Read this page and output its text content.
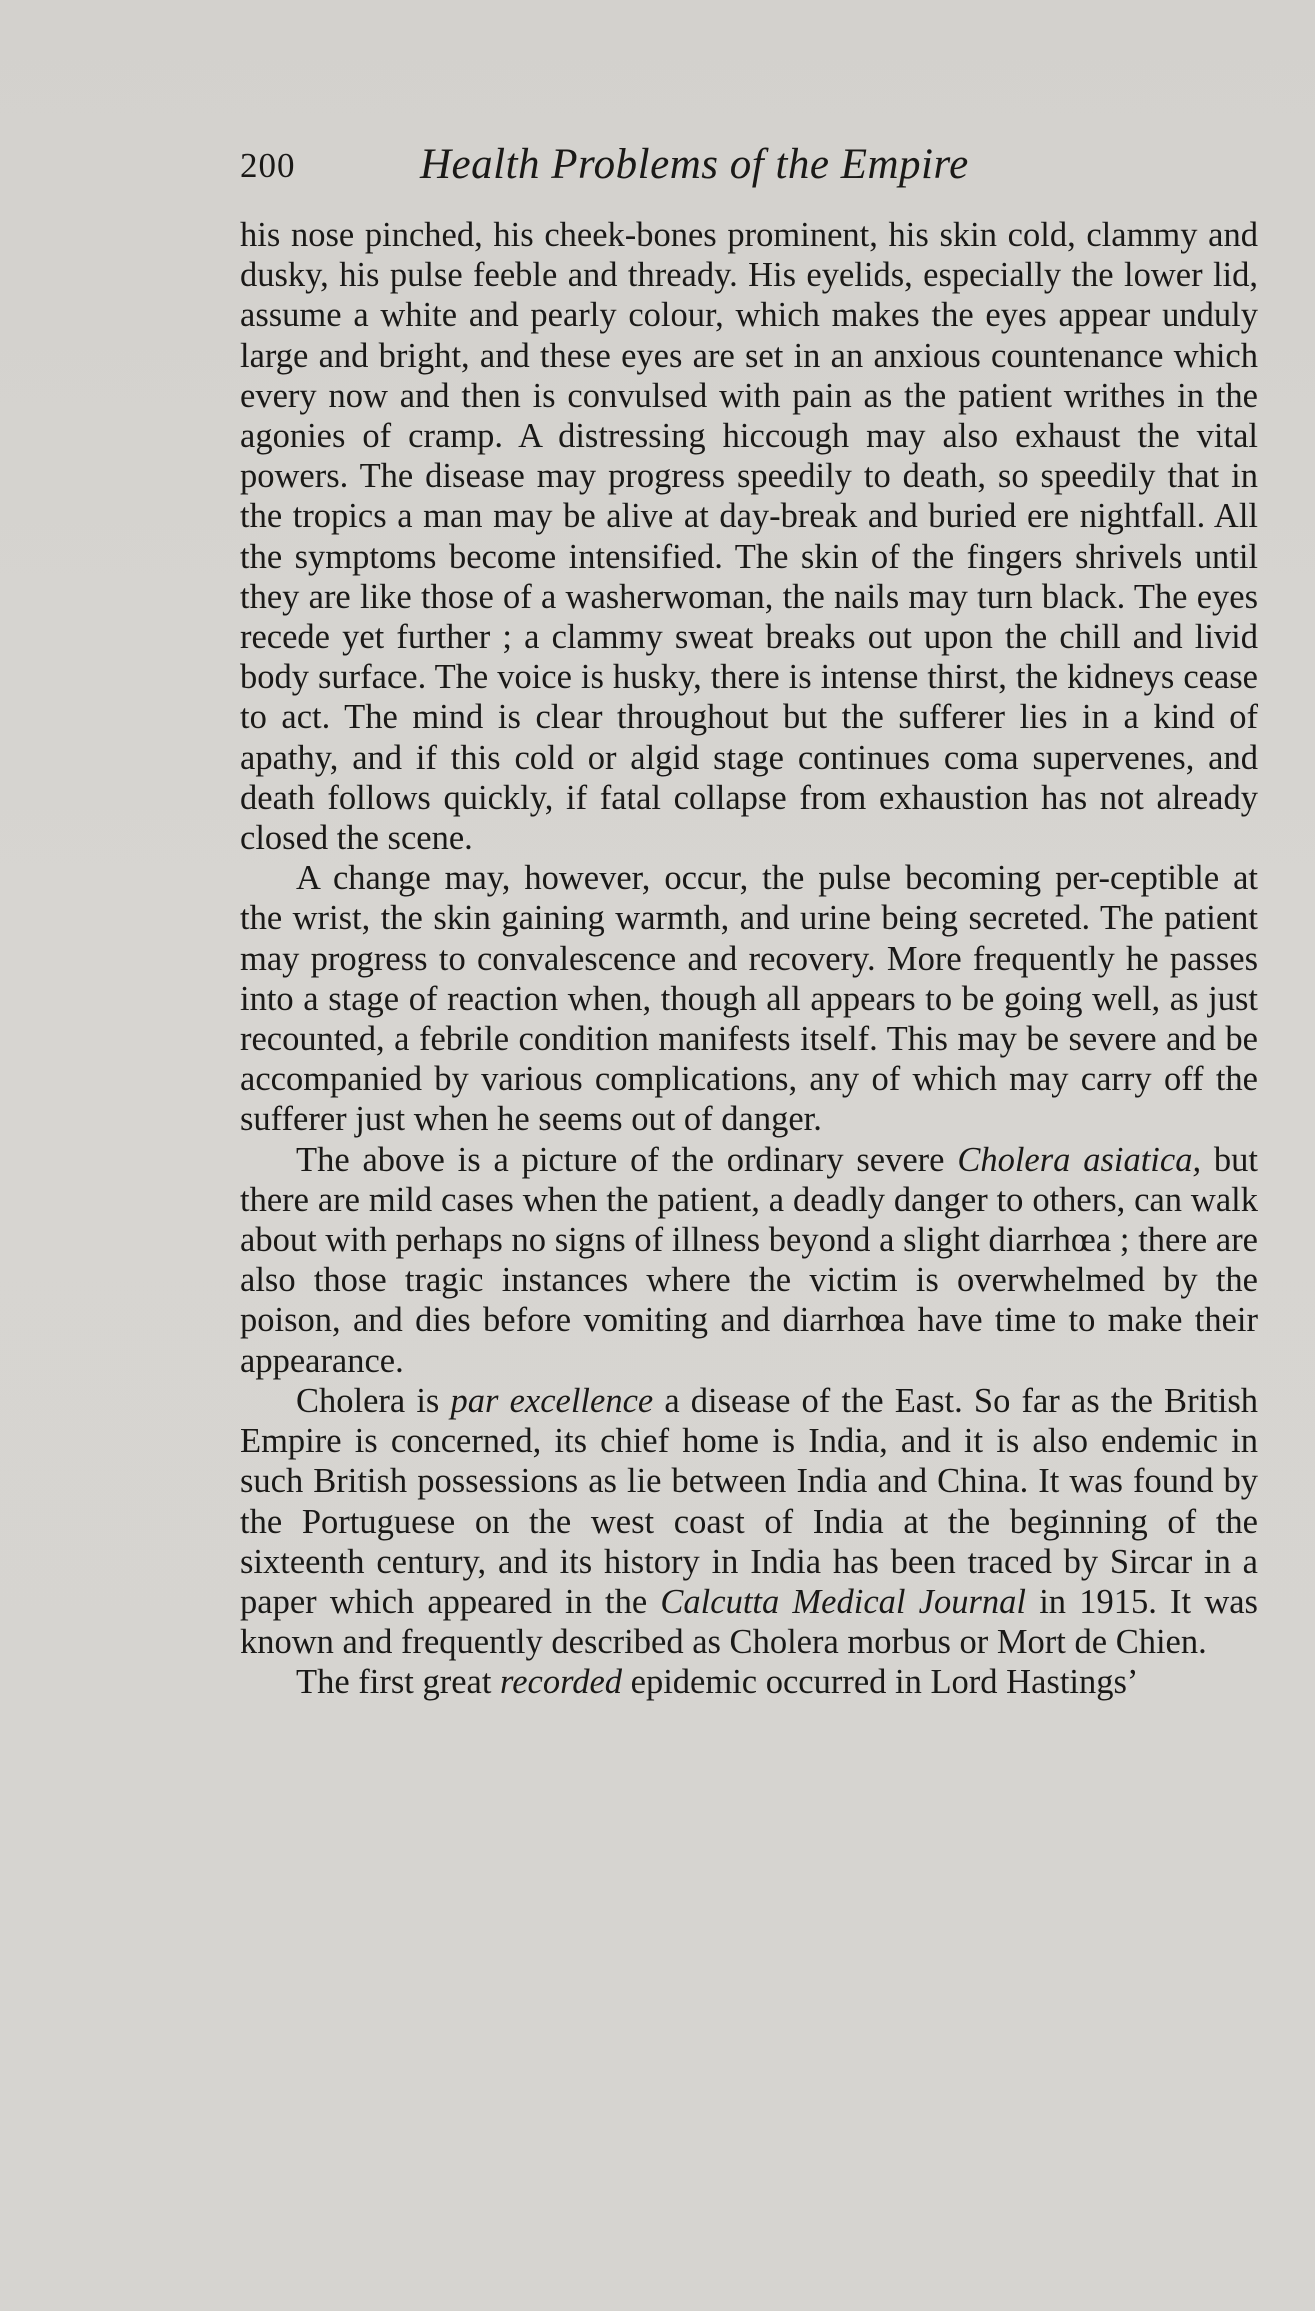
200	Health Problems of the Empire

his nose pinched, his cheek-bones prominent, his skin cold, clammy and dusky, his pulse feeble and thready. His eyelids, especially the lower lid, assume a white and pearly colour, which makes the eyes appear unduly large and bright, and these eyes are set in an anxious countenance which every now and then is convulsed with pain as the patient writhes in the agonies of cramp. A distressing hiccough may also exhaust the vital powers. The disease may progress speedily to death, so speedily that in the tropics a man may be alive at day-break and buried ere nightfall. All the symptoms become intensified. The skin of the fingers shrivels until they are like those of a washerwoman, the nails may turn black. The eyes recede yet further ; a clammy sweat breaks out upon the chill and livid body surface. The voice is husky, there is intense thirst, the kidneys cease to act. The mind is clear throughout but the sufferer lies in a kind of apathy, and if this cold or algid stage continues coma supervenes, and death follows quickly, if fatal collapse from exhaustion has not already closed the scene.

A change may, however, occur, the pulse becoming per-ceptible at the wrist, the skin gaining warmth, and urine being secreted. The patient may progress to convalescence and recovery. More frequently he passes into a stage of reaction when, though all appears to be going well, as just recounted, a febrile condition manifests itself. This may be severe and be accompanied by various complications, any of which may carry off the sufferer just when he seems out of danger.

The above is a picture of the ordinary severe Cholera asiatica, but there are mild cases when the patient, a deadly danger to others, can walk about with perhaps no signs of illness beyond a slight diarrhœa ; there are also those tragic instances where the victim is overwhelmed by the poison, and dies before vomiting and diarrhœa have time to make their appearance.

Cholera is par excellence a disease of the East. So far as the British Empire is concerned, its chief home is India, and it is also endemic in such British possessions as lie between India and China. It was found by the Portuguese on the west coast of India at the beginning of the sixteenth century, and its history in India has been traced by Sircar in a paper which appeared in the Calcutta Medical Journal in 1915. It was known and frequently described as Cholera morbus or Mort de Chien.

The first great recorded epidemic occurred in Lord Hastings’
